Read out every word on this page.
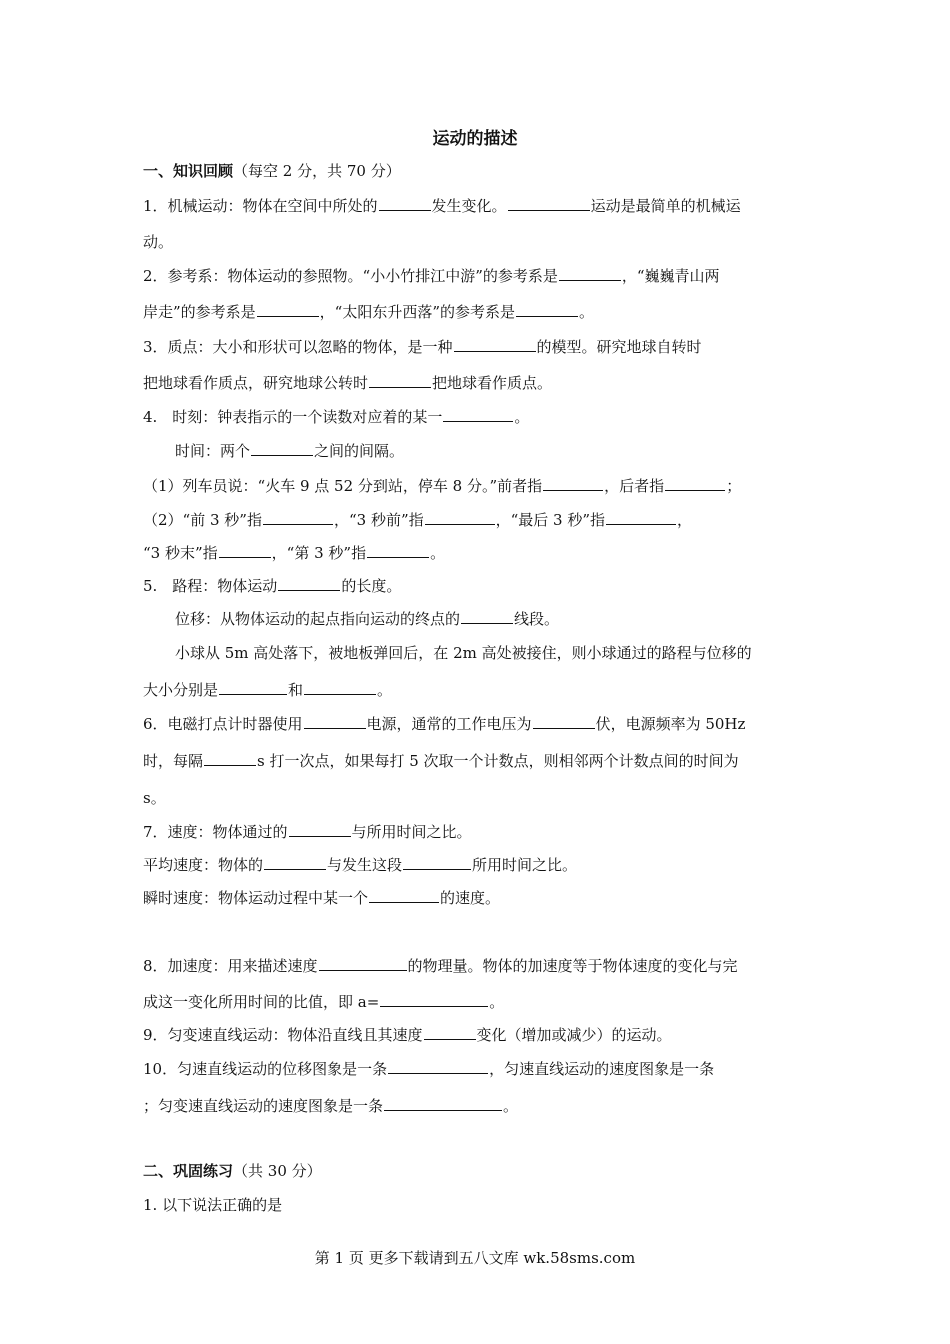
运动的描述
一、知识回顾（每空 2 分，共 70 分）
1．机械运动：物体在空间中所处的	发生变化。	运动是最简单的机械运
动。
2．参考系：物体运动的参照物。“小小竹排江中游”的参考系是	，“巍巍青山两
岸走”的参考系是	，“太阳东升西落”的参考系是	。
3．质点：大小和形状可以忽略的物体，是一种	的模型。研究地球自转时
把地球看作质点，研究地球公转时	把地球看作质点。
4.　时刻：钟表指示的一个读数对应着的某一	。
时间：两个	之间的间隔。
（1）列车员说：“火车 9 点 52 分到站，停车 8 分。”前者指	，后者指	；
（2）“前 3 秒”指	，“3 秒前”指	，“最后 3 秒”指	，
“3 秒末”指	，“第 3 秒”指	。
5.　路程：物体运动	的长度。
位移：从物体运动的起点指向运动的终点的	线段。
小球从 5m 高处落下，被地板弹回后，在 2m 高处被接住，则小球通过的路程与位移的
大小分别是	和	。
6．电磁打点计时器使用	电源，通常的工作电压为	伏，电源频率为 50Hz
时，每隔	s 打一次点，如果每打 5 次取一个计数点，则相邻两个计数点间的时间为
s。
7．速度：物体通过的	与所用时间之比。
平均速度：物体的	与发生这段	所用时间之比。
瞬时速度：物体运动过程中某一个	的速度。
8．加速度：用来描述速度	的物理量。物体的加速度等于物体速度的变化与完
成这一变化所用时间的比值，即 a=	。
9．匀变速直线运动：物体沿直线且其速度	变化（增加或减少）的运动。
10．匀速直线运动的位移图象是一条	，匀速直线运动的速度图象是一条
；匀变速直线运动的速度图象是一条	。
二、巩固练习（共 30 分）
1. 以下说法正确的是
第 1 页 更多下载请到五八文库 wk.58sms.com
